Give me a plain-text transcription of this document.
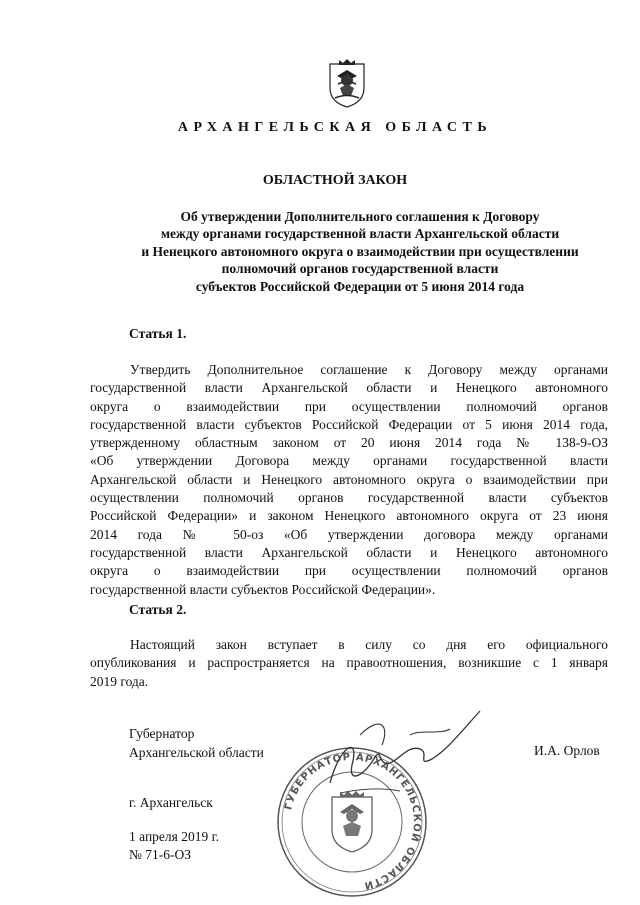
АРХАНГЕЛЬСКАЯ ОБЛАСТЬ
ОБЛАСТНОЙ ЗАКОН
Об утверждении Дополнительного соглашения к Договору
между органами государственной власти Архангельской области
и Ненецкого автономного округа о взаимодействии при осуществлении
полномочий органов государственной власти
субъектов Российской Федерации от 5 июня 2014 года
Статья 1.
Утвердить Дополнительное соглашение к Договору между органами
государственной власти Архангельской области и Ненецкого автономного
округа о взаимодействии при осуществлении полномочий органов
государственной власти субъектов Российской Федерации от 5 июня 2014 года,
утвержденному областным законом от 20 июня 2014 года № 138-9-ОЗ
«Об утверждении Договора между органами государственной власти
Архангельской области и Ненецкого автономного округа о взаимодействии при
осуществлении полномочий органов государственной власти субъектов
Российской Федерации» и законом Ненецкого автономного округа от 23 июня
2014 года № 50-оз «Об утверждении договора между органами
государственной власти Архангельской области и Ненецкого автономного
округа о взаимодействии при осуществлении полномочий органов
государственной власти субъектов Российской Федерации».
Статья 2.
Настоящий закон вступает в силу со дня его официального
опубликования и распространяется на правоотношения, возникшие с 1 января
2019 года.
Губернатор
Архангельской области	И.А. Орлов
ГУБЕРНАТОР АРХАНГЕЛЬСКОЙ ОБЛАСТИ
г. Архангельск
1 апреля 2019 г.
№ 71-6-ОЗ
